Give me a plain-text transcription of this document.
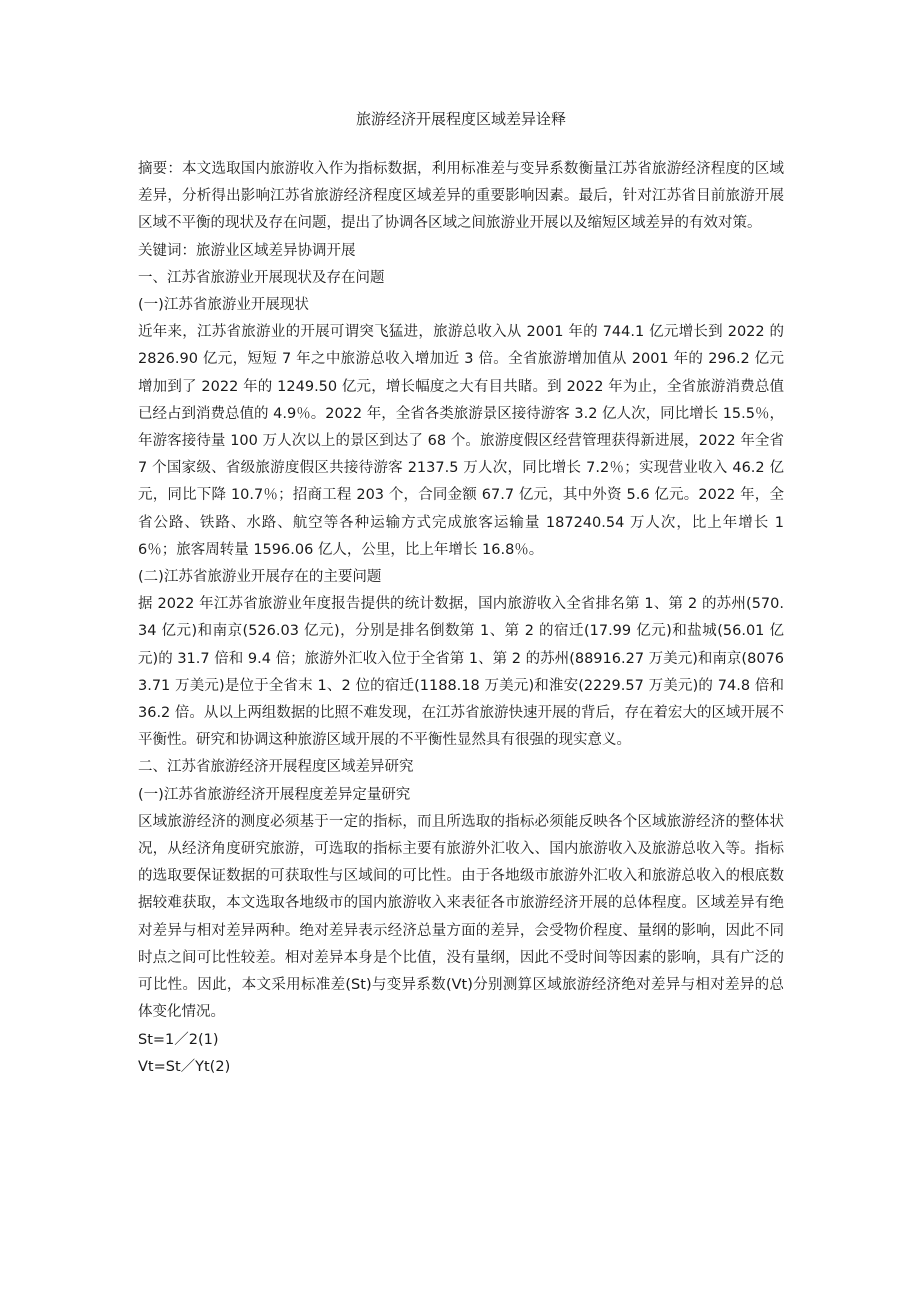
旅游经济开展程度区域差异诠释

摘要：本文选取国内旅游收入作为指标数据，利用标准差与变异系数衡量江苏省旅游经济程度的区域差异，分析得出影响江苏省旅游经济程度区域差异的重要影响因素。最后，针对江苏省目前旅游开展区域不平衡的现状及存在问题，提出了协调各区域之间旅游业开展以及缩短区域差异的有效对策。

关键词：旅游业区域差异协调开展

一、江苏省旅游业开展现状及存在问题

(一)江苏省旅游业开展现状

近年来，江苏省旅游业的开展可谓突飞猛进，旅游总收入从 2001 年的 744.1 亿元增长到 2022 的 2826.90 亿元，短短 7 年之中旅游总收入增加近 3 倍。全省旅游增加值从 2001 年的 296.2 亿元增加到了 2022 年的 1249.50 亿元，增长幅度之大有目共睹。到 2022 年为止，全省旅游消费总值已经占到消费总值的 4.9％。2022 年，全省各类旅游景区接待游客 3.2 亿人次，同比增长 15.5％，年游客接待量 100 万人次以上的景区到达了 68 个。旅游度假区经营管理获得新进展，2022 年全省 7 个国家级、省级旅游度假区共接待游客 2137.5 万人次，同比增长 7.2％；实现营业收入 46.2 亿元，同比下降 10.7％；招商工程 203 个，合同金额 67.7 亿元，其中外资 5.6 亿元。2022 年，全省公路、铁路、水路、航空等各种运输方式完成旅客运输量 187240.54 万人次，比上年增长 16％；旅客周转量 1596.06 亿人，公里，比上年增长 16.8％。

(二)江苏省旅游业开展存在的主要问题

据 2022 年江苏省旅游业年度报告提供的统计数据，国内旅游收入全省排名第 1、第 2 的苏州(570.34 亿元)和南京(526.03 亿元)，分别是排名倒数第 1、第 2 的宿迁(17.99 亿元)和盐城(56.01 亿元)的 31.7 倍和 9.4 倍；旅游外汇收入位于全省第 1、第 2 的苏州(88916.27 万美元)和南京(80763.71 万美元)是位于全省末 1、2 位的宿迁(1188.18 万美元)和淮安(2229.57 万美元)的 74.8 倍和 36.2 倍。从以上两组数据的比照不难发现，在江苏省旅游快速开展的背后，存在着宏大的区域开展不平衡性。研究和协调这种旅游区域开展的不平衡性显然具有很强的现实意义。

二、江苏省旅游经济开展程度区域差异研究

(一)江苏省旅游经济开展程度差异定量研究

区域旅游经济的测度必须基于一定的指标，而且所选取的指标必须能反映各个区域旅游经济的整体状况，从经济角度研究旅游，可选取的指标主要有旅游外汇收入、国内旅游收入及旅游总收入等。指标的选取要保证数据的可获取性与区域间的可比性。由于各地级市旅游外汇收入和旅游总收入的根底数据较难获取，本文选取各地级市的国内旅游收入来表征各市旅游经济开展的总体程度。区域差异有绝对差异与相对差异两种。绝对差异表示经济总量方面的差异，会受物价程度、量纲的影响，因此不同时点之间可比性较差。相对差异本身是个比值，没有量纲，因此不受时间等因素的影响，具有广泛的可比性。因此，本文采用标准差(St)与变异系数(Vt)分别测算区域旅游经济绝对差异与相对差异的总体变化情况。

St=1／2(1)

Vt=St／Yt(2)
